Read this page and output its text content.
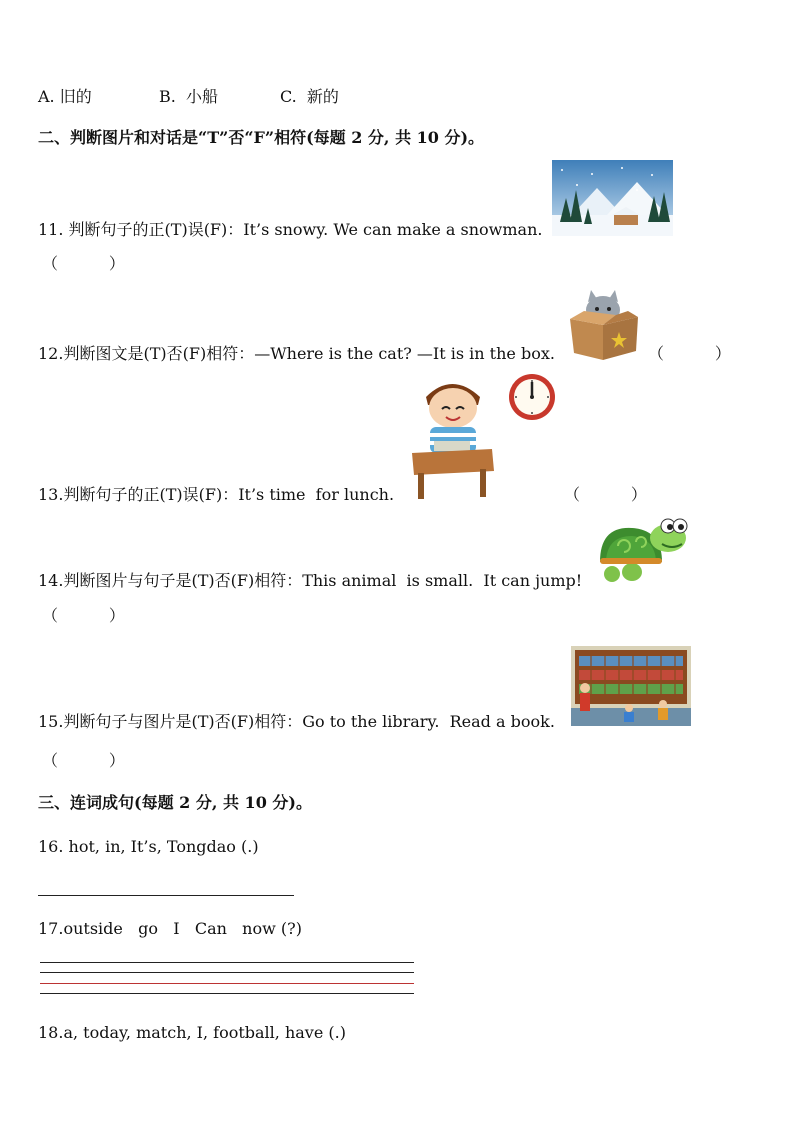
A. 旧的	B.  小船	C.  新的
二、判断图片和对话是“T”否“F”相符(每题 2 分, 共 10 分)。
11. 判断句子的正(T)误(F)：It’s snowy. We can make a snowman.
（          ）
12.判断图文是(T)否(F)相符：—Where is the cat? —It is in the box.	（          ）
13.判断句子的正(T)误(F)：It’s time  for lunch.	（          ）
14.判断图片与句子是(T)否(F)相符：This animal  is small.  It can jump!
（          ）
15.判断句子与图片是(T)否(F)相符：Go to the library.  Read a book.
（          ）
三、连词成句(每题 2 分, 共 10 分)。
16. hot, in, It’s, Tongdao (.)
17.outside   go   I   Can   now (?)
18.a, today, match, I, football, have (.)
